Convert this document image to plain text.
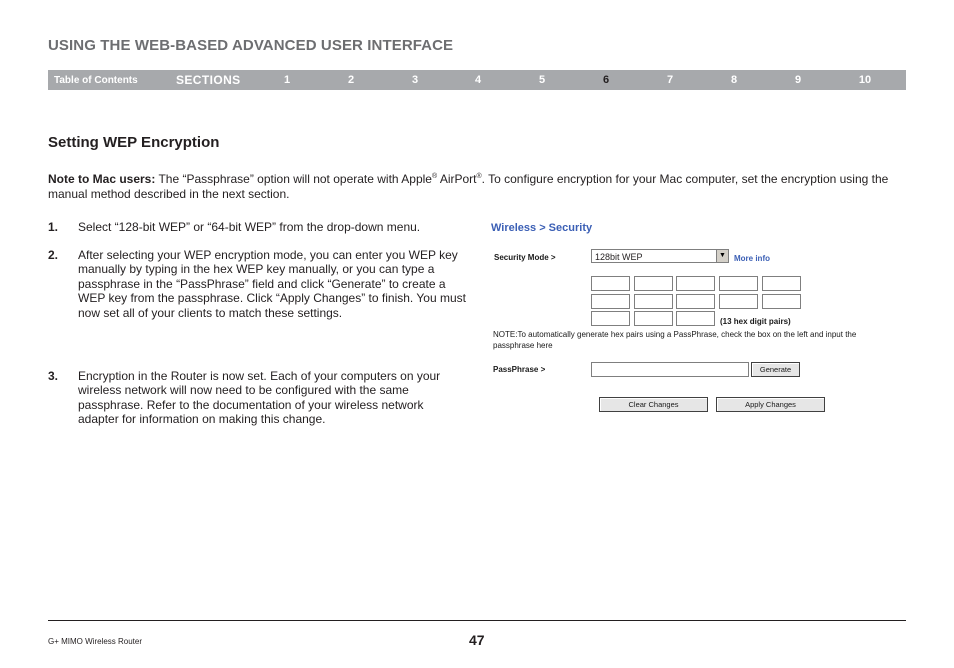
USING THE WEB-BASED ADVANCED USER INTERFACE
Table of Contents	SECTIONS	1	2	3	4	5	6	7	8	9	10
Setting WEP Encryption
Note to Mac users: The “Passphrase” option will not operate with Apple® AirPort®. To configure encryption for your Mac computer, set the encryption using the manual method described in the next section.
1. Select “128-bit WEP” or “64-bit WEP” from the drop-down menu.
2. After selecting your WEP encryption mode, you can enter you WEP key manually by typing in the hex WEP key manually, or you can type a passphrase in the “PassPhrase” field and click “Generate” to create a WEP key from the passphrase. Click “Apply Changes” to finish. You must now set all of your clients to match these settings.
3. Encryption in the Router is now set. Each of your computers on your wireless network will now need to be configured with the same passphrase. Refer to the documentation of your wireless network adapter for information on making this change.
Wireless > Security
Security Mode >	128bit WEP	▼ More info
(13 hex digit pairs)
NOTE:To automatically generate hex pairs using a PassPhrase, check the box on the left and input the passphrase here
PassPhrase >	Generate
Clear Changes	Apply Changes
G+ MIMO Wireless Router	47
